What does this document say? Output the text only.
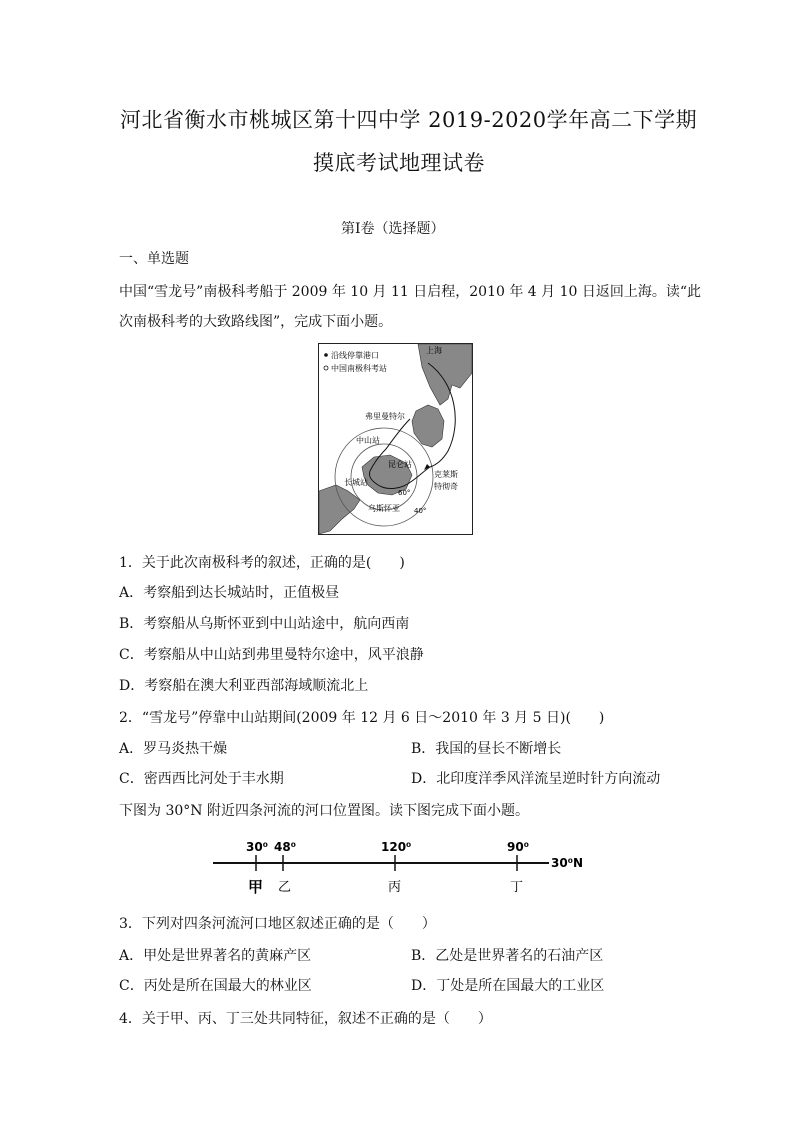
河北省衡水市桃城区第十四中学 2019-2020学年高二下学期
摸底考试地理试卷
第I卷（选择题）
一、单选题
中国“雪龙号”南极科考船于 2009 年 10 月 11 日启程，2010 年 4 月 10 日返回上海。读“此
次南极科考的大致路线图”，完成下面小题。
沿线停靠港口
中国南极科考站
上海
弗里曼特尔
中山站
昆仑站
克莱斯
特彻奇
长城站
60°
乌斯怀亚 40°
1．关于此次南极科考的叙述，正确的是(　　)
A．考察船到达长城站时，正值极昼
B．考察船从乌斯怀亚到中山站途中，航向西南
C．考察船从中山站到弗里曼特尔途中，风平浪静
D．考察船在澳大利亚西部海域顺流北上
2．“雪龙号”停靠中山站期间(2009 年 12 月 6 日～2010 年 3 月 5 日)(　　)
A．罗马炎热干燥	B．我国的昼长不断增长
C．密西西比河处于丰水期	D．北印度洋季风洋流呈逆时针方向流动
下图为 30°N 附近四条河流的河口位置图。读下图完成下面小题。
30⁰ 48⁰	120⁰	90⁰
30⁰N
甲 乙	丙	丁
3．下列对四条河流河口地区叙述正确的是（　　）
A．甲处是世界著名的黄麻产区	B．乙处是世界著名的石油产区
C．丙处是所在国最大的林业区	D．丁处是所在国最大的工业区
4．关于甲、丙、丁三处共同特征，叙述不正确的是（　　）
